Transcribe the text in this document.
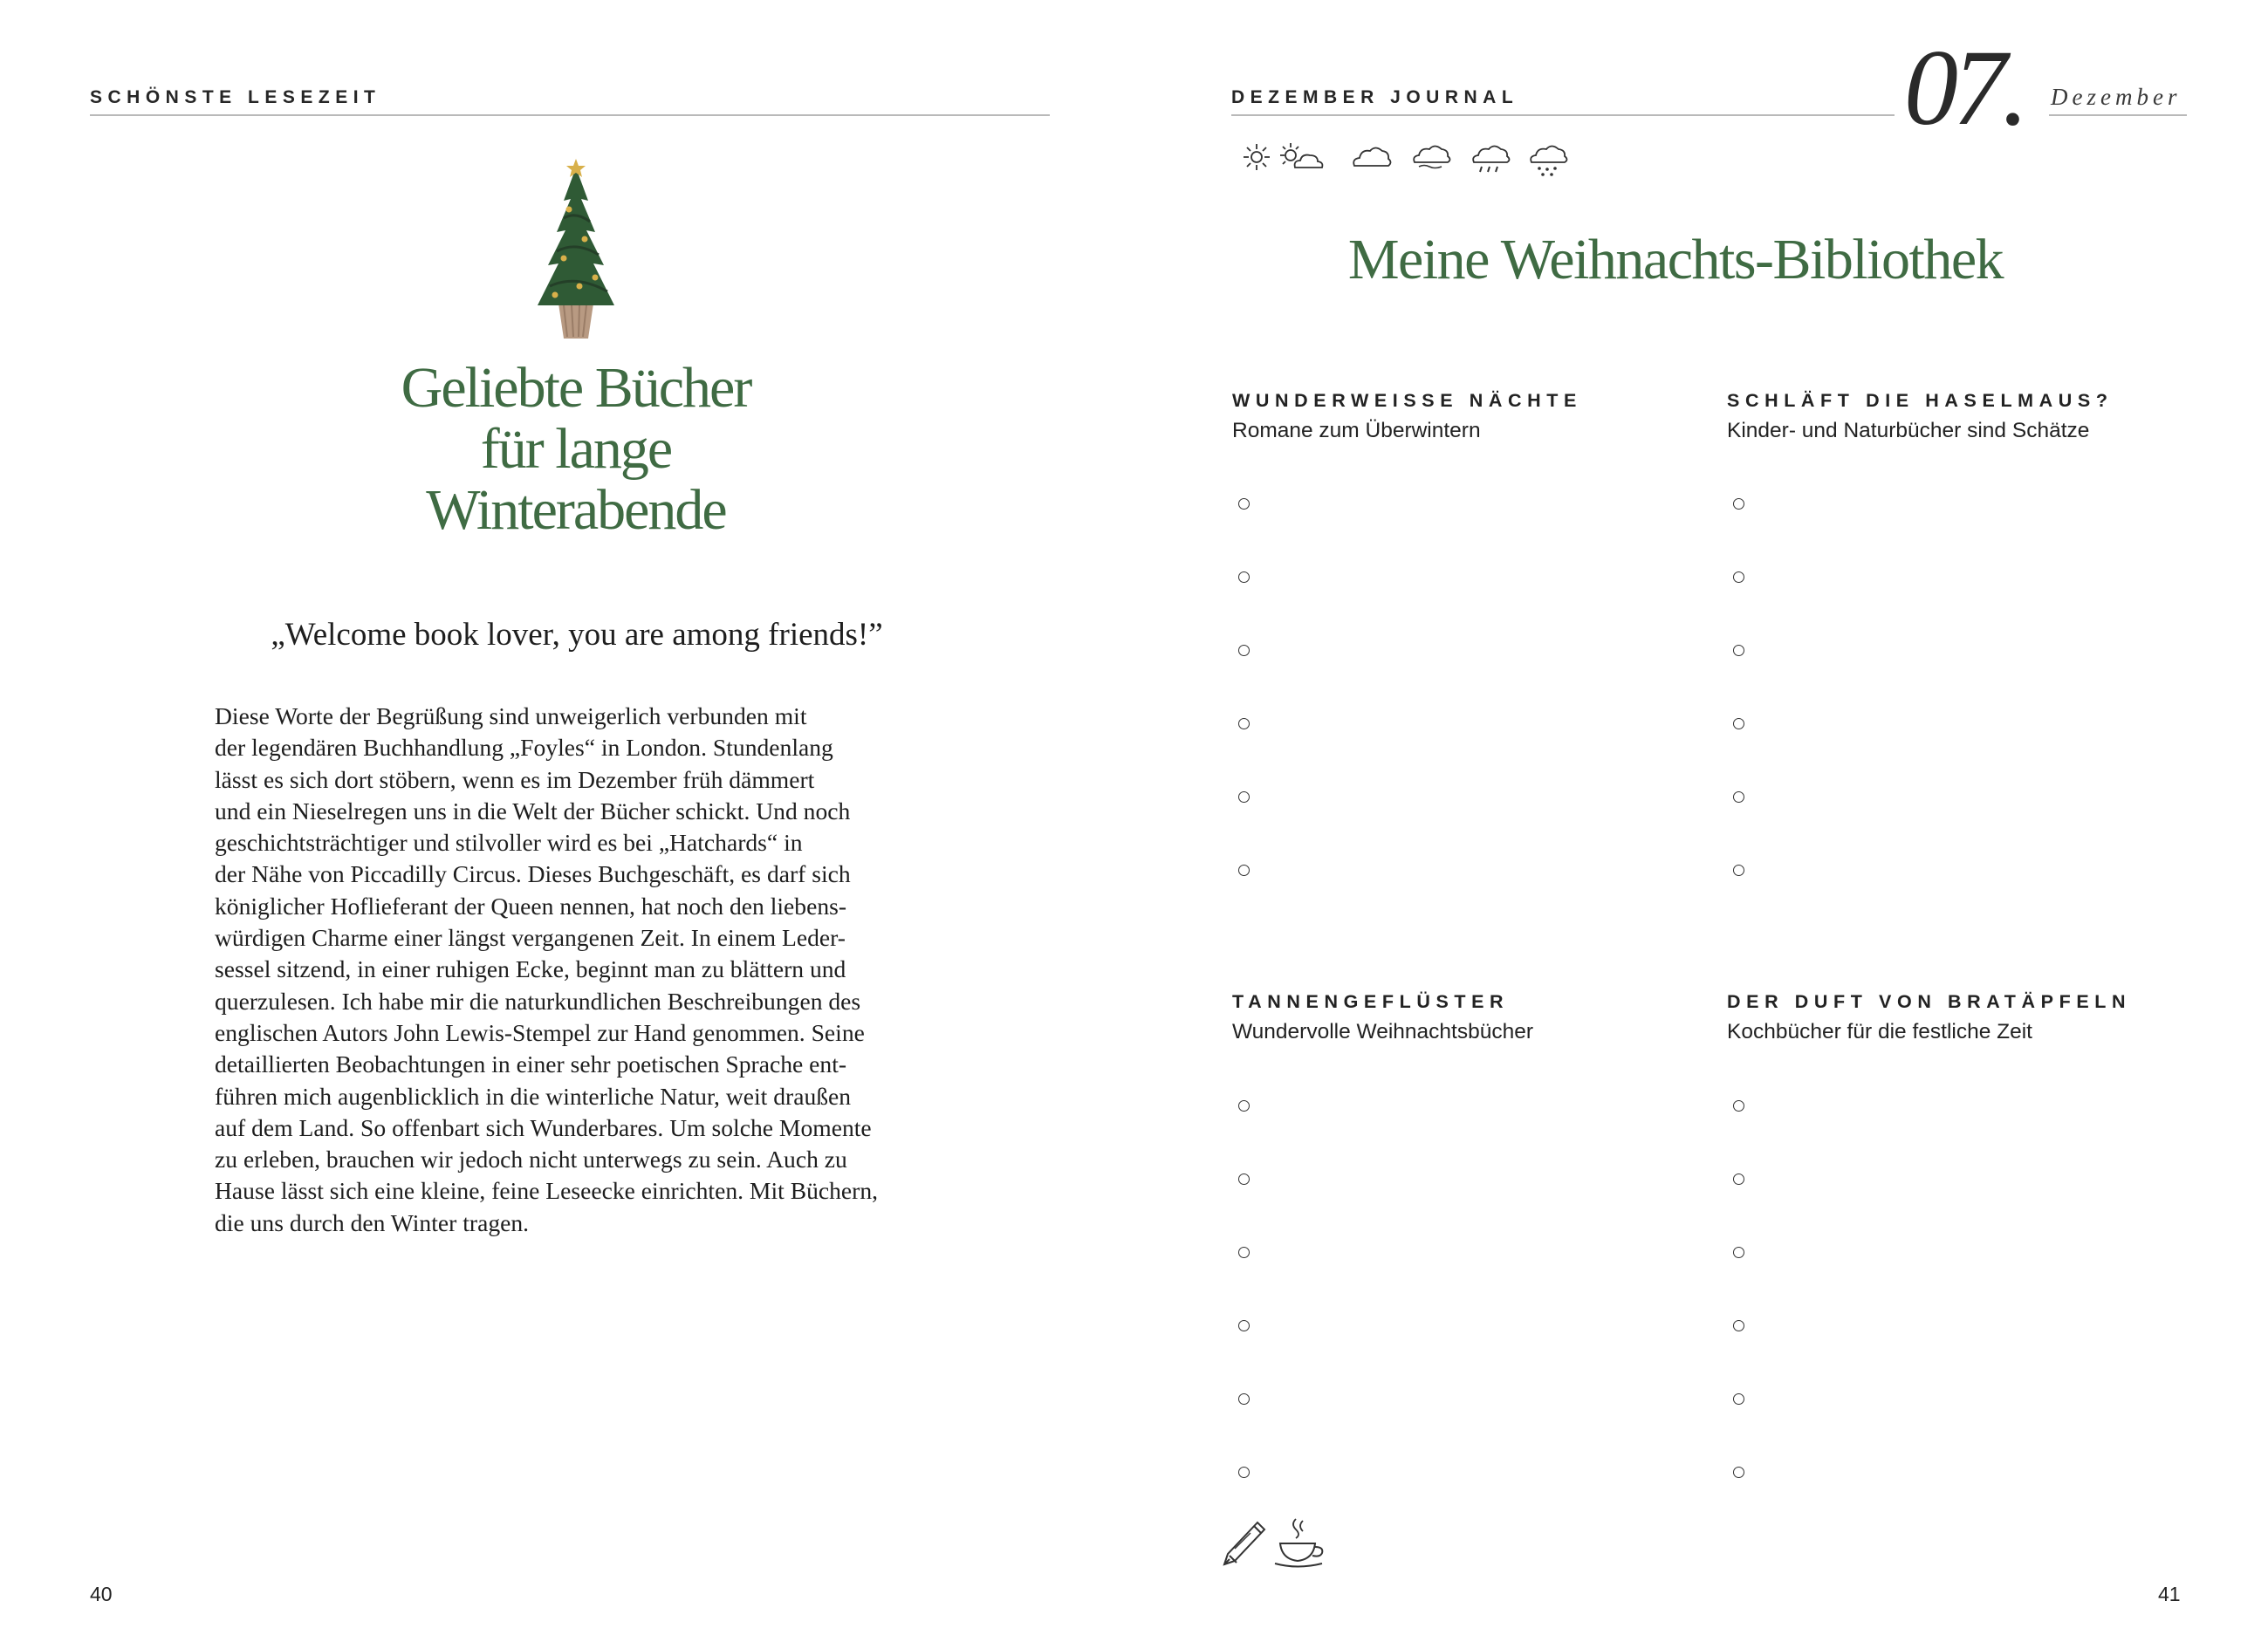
SCHÖNSTE LESEZEIT
Geliebte Bücher
für lange
Winterabende
„Welcome book lover, you are among friends!”
Diese Worte der Begrüßung sind unweigerlich verbunden mit
der legendären Buchhandlung „Foyles“ in London. Stundenlang
lässt es sich dort stöbern, wenn es im Dezember früh dämmert
und ein Nieselregen uns in die Welt der Bücher schickt. Und noch
geschichtsträchtiger und stilvoller wird es bei „Hatchards“ in
der Nähe von Piccadilly Circus. Dieses Buchgeschäft, es darf sich
königlicher Hoflieferant der Queen nennen, hat noch den liebens-
würdigen Charme einer längst vergangenen Zeit. In einem Leder-
sessel sitzend, in einer ruhigen Ecke, beginnt man zu blättern und
querzulesen. Ich habe mir die naturkundlichen Beschreibungen des
englischen Autors John Lewis-Stempel zur Hand genommen. Seine
detaillierten Beobachtungen in einer sehr poetischen Sprache ent-
führen mich augenblicklich in die winterliche Natur, weit draußen
auf dem Land. So offenbart sich Wunderbares. Um solche Momente
zu erleben, brauchen wir jedoch nicht unterwegs zu sein. Auch zu
Hause lässt sich eine kleine, feine Leseecke einrichten. Mit Büchern,
die uns durch den Winter tragen.
40
DEZEMBER JOURNAL	07. Dezember
Meine Weihnachts-Bibliothek
WUNDERWEISSE NÄCHTE
Romane zum Überwintern
SCHLÄFT DIE HASELMAUS?
Kinder- und Naturbücher sind Schätze
TANNENGEFLÜSTER
Wundervolle Weihnachtsbücher
DER DUFT VON BRATÄPFELN
Kochbücher für die festliche Zeit
41
